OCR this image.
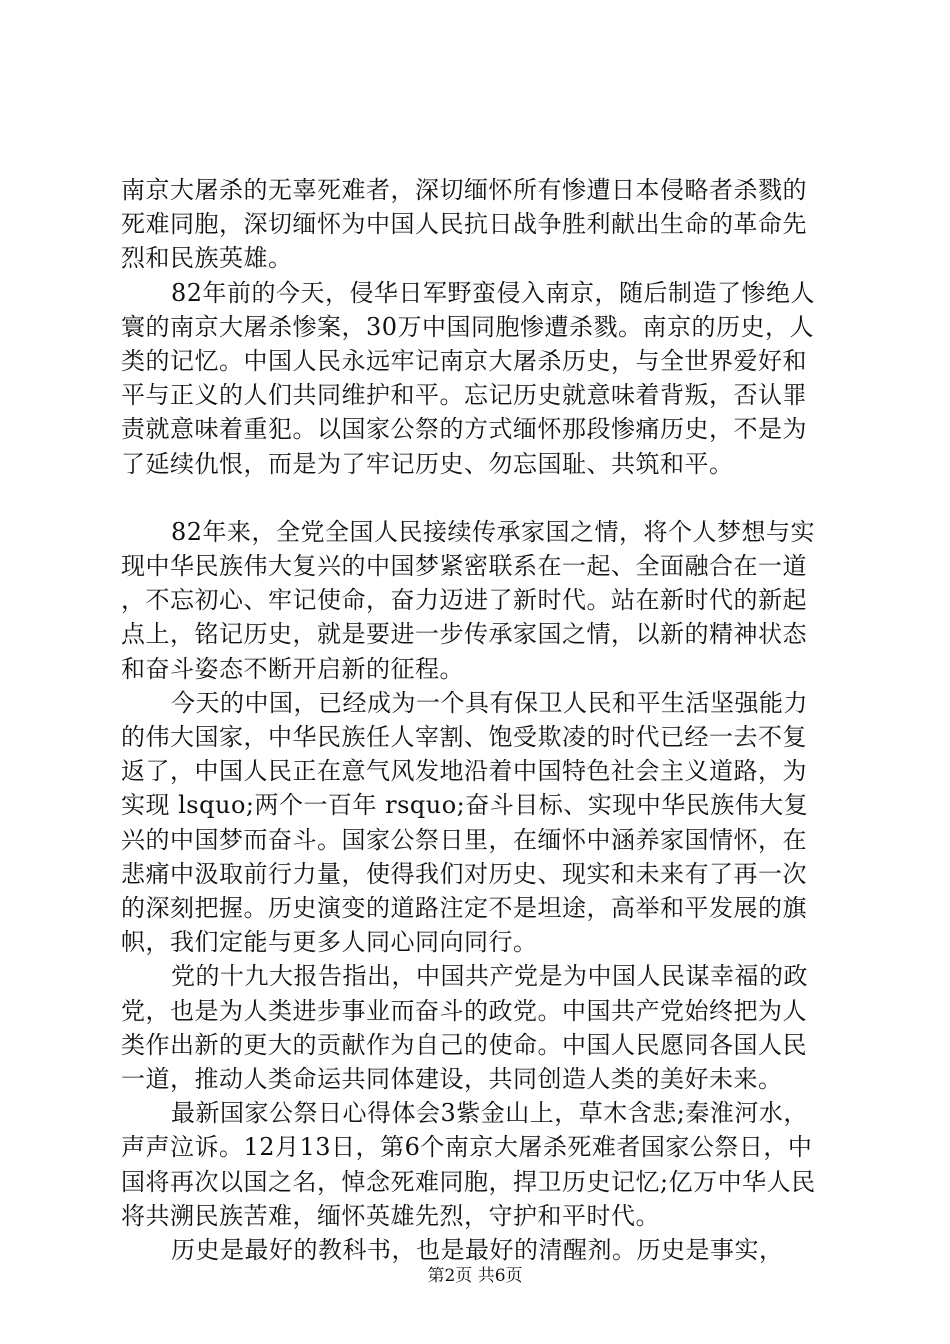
南京大屠杀的无辜死难者，深切缅怀所有惨遭日本侵略者杀戮的死难同胞，深切缅怀为中国人民抗日战争胜利献出生命的革命先烈和民族英雄。

82年前的今天，侵华日军野蛮侵入南京，随后制造了惨绝人寰的南京大屠杀惨案，30万中国同胞惨遭杀戮。南京的历史，人类的记忆。中国人民永远牢记南京大屠杀历史，与全世界爱好和平与正义的人们共同维护和平。忘记历史就意味着背叛，否认罪责就意味着重犯。以国家公祭的方式缅怀那段惨痛历史，不是为了延续仇恨，而是为了牢记历史、勿忘国耻、共筑和平。

82年来，全党全国人民接续传承家国之情，将个人梦想与实现中华民族伟大复兴的中国梦紧密联系在一起、全面融合在一道，不忘初心、牢记使命，奋力迈进了新时代。站在新时代的新起点上，铭记历史，就是要进一步传承家国之情，以新的精神状态和奋斗姿态不断开启新的征程。

今天的中国，已经成为一个具有保卫人民和平生活坚强能力的伟大国家，中华民族任人宰割、饱受欺凌的时代已经一去不复返了，中国人民正在意气风发地沿着中国特色社会主义道路，为实现 lsquo;两个一百年 rsquo;奋斗目标、实现中华民族伟大复兴的中国梦而奋斗。国家公祭日里，在缅怀中涵养家国情怀，在悲痛中汲取前行力量，使得我们对历史、现实和未来有了再一次的深刻把握。历史演变的道路注定不是坦途，高举和平发展的旗帜，我们定能与更多人同心同向同行。

党的十九大报告指出，中国共产党是为中国人民谋幸福的政党，也是为人类进步事业而奋斗的政党。中国共产党始终把为人类作出新的更大的贡献作为自己的使命。中国人民愿同各国人民一道，推动人类命运共同体建设，共同创造人类的美好未来。

最新国家公祭日心得体会3紫金山上，草木含悲;秦淮河水，声声泣诉。12月13日，第6个南京大屠杀死难者国家公祭日，中国将再次以国之名，悼念死难同胞，捍卫历史记忆;亿万中华人民将共溯民族苦难，缅怀英雄先烈，守护和平时代。

历史是最好的教科书，也是最好的清醒剂。历史是事实，

第2页 共6页
